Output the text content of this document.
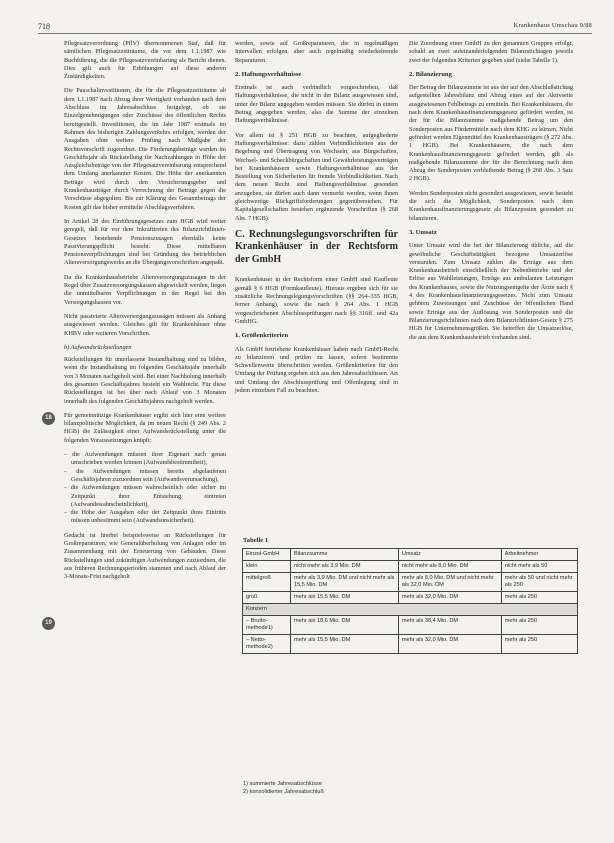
718	Krankenhaus Umschau 9/88
18
19

Pflegesatzverordnung (PflV) übernommenen Staf, daß für sämtlichen Pflegesatzzeiträume, die vor dem 1.1.1987 wie Buchführung, die die Pflegesatzvereinbarung als Bericht dienen. Dies gilt auch für Erhöhungen auf diese anderen Zuständigkeiten.

Die Pauschalinvestitionen, die für die Pflegesatzzeiträume ab dem 1.1.1987 nach Abzug ihrer Wertigkeit vorhanden nach dem Abschluss im Jahresabschluss festgelegt, ob sie Einzelgenehmigungen oder Zuschüsse des öffentlichen Rechts bereitgestellt. Investitionen, die im Jahr 1987 erstmals im Rahmen des bisherigen Zahlungsverkehrs erfolgen, werden der Ausgaben ohne weitere Prüfung nach Maßgabe der Rechtsvorschrift zugeordnet. Die Förderungsbeträge werden im Geschäftsjahr als Rückstellung für Nachzahlungen in Höhe der Ausgleichsbeträge von der Pflegesatzvereinbarung entsprechend dem Umfang anerkannter Kosten. Die Höhe der anerkannten Beträge wird durch den Versicherungsgeber und Krankenhausträger durch Verrechnung der Beträge gegen die Vorschüsse abgegolten. Bis zur Klärung des Gesamtbetrags der Kosten gilt das bisher ermittelte Abschlagsverfahren.

In Artikel 28 des Einführungsgesetzes zum HGB wird weiter geregelt, daß für vor dem Inkrafttreten des Bilanzrichtlinien-Gesetzes bestehende Pensionszusagen ebenfalls keine Passivierungspflicht besteht. Diese mittelbaren Pensionsverpflichtungen sind bei Gründung des betrieblichen Altersversorgungswerks an die Übergangsvorschriften angepaßt.

Da die Krankenhausbetriebe Altersversorgungszusagen in der Regel über Zusatzversorgungskassen abgewickelt werden, liegen die unmittelbaren Verpflichtungen in der Regel bei den Versorgungskassen vor.

Nicht passivierte Altersversorgungszusagen müssen als Anhang ausgewiesen werden. Gleiches gilt für Krankenhäuser ohne KHBV oder weiteren Vorschriften.

b) Aufwandsrückstellungen

Rückstellungen für unterlassene Instandhaltung sind zu bilden, wenn die Instandhaltung im folgenden Geschäftsjahr innerhalb von 3 Monaten nachgeholt wird. Bei einer Nachholung innerhalb des gesamten Geschäftsjahres besteht ein Wahlrecht. Für diese Rückstellungen ist bei über nach Ablauf von 3 Monaten innerhalb des folgenden Geschäftsjahres nachgeholt werden.

Für gemeinnützige Krankenhäuser ergibt sich hier eine weitere bilanzpolitische Möglichkeit, da im neuen Recht (§ 249 Abs. 2 HGB) die Zulässigkeit einer Aufwandsrückstellung unter die folgenden Voraussetzungen knüpft:

– die Aufwendungen müssen ihrer Eigenart nach genau umschrieben werden können (Aufwandsbestimmtheit),
– die Aufwendungen müssen bereits abgelaufenen Geschäftsjahren zuzuordnen sein (Aufwandsverursachung),
– die Aufwendungen müssen wahrscheinlich oder sicher im Zeitpunkt ihrer Entstehung eintreten (Aufwandswahrscheinlichkeit),
– die Höhe der Ausgaben oder der Zeitpunkt ihres Eintritts müssen unbestimmt sein (Aufwandsunsicherheit).

Gedacht ist hierbei beispielsweise an Rückstellungen für Großreparaturen, wie Generalüberholung von Anlagen oder im Zusammenhang mit der Erneuerung von Gebäuden. Diese Rückstellungen sind zukünftigen Aufwendungen zuzuordnen, die aus früheren Rechnungsperioden stammen und nach Ablauf der 3-Monats-Frist nachgeholt

werden, sowie auf Großreparaturen, die in regelmäßigen Intervallen erfolgen, aber auch regelmäßig wiederkehrende Reparaturen.

2. Haftungsverhältnisse

Erstmals ist auch verbindlich vorgeschrieben, daß Haftungsverhältnisse, die nicht in der Bilanz ausgewiesen sind, unter der Bilanz angegeben werden müssen. Sie dürfen in einem Betrag angegeben werden, also die Summe der einzelnen Haftungsverhältnisse.

Vor allem ist § 251 HGB zu beachten, aufgegliederte Haftungsverhältnisse: dazu zählen Verbindlichkeiten aus der Begebung und Übertragung von Wechseln, aus Bürgschaften, Wechsel- und Scheckbürgschaften und Gewährleistungsverträgen bei Krankenhäusern sowie Haftungsverhältnisse aus der Bestellung von Sicherheiten für fremde Verbindlichkeiten. Nach dem neuen Recht sind Haftungsverhältnisse gesondert anzugeben, sie dürfen auch dann vermerkt werden, wenn ihnen gleichwertige Rückgriffsforderungen gegenüberstehen. Für Kapitalgesellschaften bestehen ergänzende Vorschriften (§ 268 Abs. 7 HGB).

C. Rechnungslegungsvorschriften für Krankenhäuser in der Rechtsform der GmbH

Krankenhäuser in der Rechtsform einer GmbH sind Kaufleute gemäß § 6 HGB (Formkaufleute). Hieraus ergeben sich für sie zusätzliche Rechnungslegungsvorschriften (§§ 264–335 HGB, ferner Anhang), sowie die nach § 264 Abs. 1 HGB vorgeschriebenen Abschlussprüfungen nach §§ 316ff. und 42a GmbHG.

1. Größenkriterien

Als GmbH betriebene Krankenhäuser haben nach GmbH-Recht zu bilanzieren und prüfen zu lassen, sofern bestimmte Schwellenwerte überschritten werden. Größenkriterien für den Umfang der Prüfung ergeben sich aus den Jahresabschlüssen. Art und Umfang der Abschlussprüfung und Offenlegung sind in jedem einzelnen Fall zu beachten.

Die Zuordnung einer GmbH zu den genannten Gruppen erfolgt, sobald an zwei aufeinanderfolgenden Bilanzstichtagen jeweils zwei der folgenden Kriterien gegeben sind (siehe Tabelle 1).

2. Bilanzierung

Der Betrag der Bilanzsumme ist aus der auf den Abschlußstichtag aufgestellten Jahresbilanz und Abzug eines auf der Aktivseite ausgewiesenen Fehlbetrags zu ermitteln. Bei Krankenhäusern, die nach dem Krankenhausfinanzierungsgesetz gefördert werden, ist der für die Bilanzsumme maßgebende Betrag um den Sonderposten aus Fördermitteln nach dem KHG zu kürzen. Nicht gefördert werden Eigenmittel des Krankenhausträgers (§ 272 Abs. 1 HGB). Bei Krankenhäusern, die nach dem Krankenhausfinanzierungsgesetz gefördert werden, gilt als maßgebende Bilanzsumme der für die Berechnung nach dem Abzug der Sonderposten verbleibende Betrag (§ 268 Abs. 3 Satz 2 HGB).

Werden Sonderposten nicht gesondert ausgewiesen, sowie besteht die sich die Möglichkeit, Sonderposten nach dem Krankenhausfinanzierungsgesetz als Bilanzposten gesondert zu bilanzieren.

3. Umsatz

Unter Umsatz wird die bei der Bilanzierung übliche, auf die gewöhnliche Geschäftstätigkeit bezogene Umsatzerlöse verstanden. Zum Umsatz zählen die Erträge aus dem Krankenhausbetrieb einschließlich der Nebenbetriebe und der Erlöse aus Wahlleistungen, Erträge aus ambulanten Leistungen des Krankenhauses, sowie die Nutzungsentgelte der Ärzte nach § 4 des Krankenhausfinanzierungsgesetzes. Nicht zum Umsatz gehören Zuweisungen und Zuschüsse der öffentlichen Hand sowie Erträge aus der Auflösung von Sonderposten und die Bilanzierungsrichtlinien nach dem Bilanzrichtlinien-Gesetz § 275 HGB für Unternehmensgrößen. Sie betreffen die Umsatzerlöse, die aus dem Krankenhausbetrieb vorhanden sind.

Tabelle 1
Einzel-GmbH	Bilanzsumme	Umsatz	Arbeitnehmer
klein	nicht mehr als 3,9 Mio. DM	nicht mehr als 8,0 Mio. DM	nicht mehr als 50
mittelgroß	mehr als 3,9 Mio. DM und nicht mehr als 15,5 Mio. DM	mehr als 8,0 Mio. DM und nicht mehr als 32,0 Mio. DM	mehr als 50 und nicht mehr als 250
groß	mehr als 15,5 Mio. DM	mehr als 32,0 Mio. DM	mehr als 250
Konzern			
– Brutto-methode1)	mehr als 18,6 Mio. DM	mehr als 38,4 Mio. DM	mehr als 250
– Netto-methode2)	mehr als 15,5 Mio. DM	mehr als 32,0 Mio. DM	mehr als 250
1) summierte Jahresabschlüsse
2) konsolidierter Jahresabschluß
